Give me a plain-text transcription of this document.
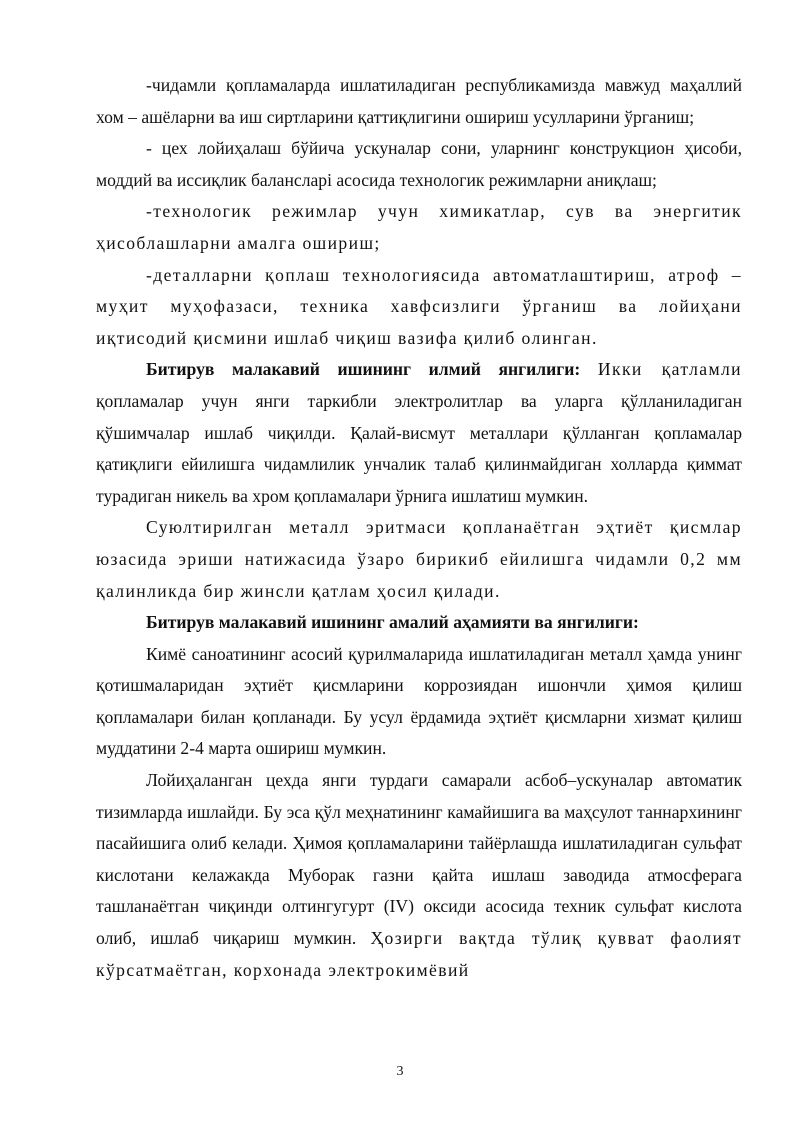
-чидамли қопламаларда ишлатиладиган республикамизда мавжуд маҳаллий хом – ашёларни ва иш сиртларини қаттиқлигини ошириш усулларини ўрганиш;

- цех лойиҳалаш бўйича ускуналар сони, уларнинг конструкцион ҳисоби, моддий ва иссиқлик балансларі асосида технологик режимларни аниқлаш;

-технологик режимлар учун химикатлар, сув ва энергитик ҳисоблашларни амалга ошириш;

-деталларни қоплаш технологиясида автоматлаштириш, атроф – муҳит муҳофазаси, техника хавфсизлиги ўрганиш ва лойиҳани иқтисодий қисмини ишлаб чиқиш вазифа қилиб олинган.

Битирув малакавий ишининг илмий янгилиги: Икки қатламли қопламалар учун янги таркибли электролитлар ва уларга қўлланиладиган қўшимчалар ишлаб чиқилди. Қалай-висмут металлари қўлланган қопламалар қатиқлиги ейилишга чидамлилик унчалик талаб қилинмайдиган холларда қиммат турадиган никель ва хром қопламалари ўрнига ишлатиш мумкин.

Суюлтирилган металл эритмаси қопланаётган эҳтиёт қисмлар юзасида эриши натижасида ўзаро бирикиб ейилишга чидамли 0,2 мм қалинликда бир жинсли қатлам ҳосил қилади.

Битирув малакавий ишининг амалий аҳамияти ва янгилиги:

Кимё саноатининг асосий қурилмаларида ишлатиладиган металл ҳамда унинг қотишмаларидан эҳтиёт қисмларини коррозиядан ишончли ҳимоя қилиш қопламалари билан қопланади. Бу усул ёрдамида эҳтиёт қисмларни хизмат қилиш муддатини 2-4 марта ошириш мумкин.

Лойиҳаланган цехда янги турдаги самарали асбоб–ускуналар автоматик тизимларда ишлайди. Бу эса қўл меҳнатининг камайишига ва маҳсулот таннархининг пасайишига олиб келади. Ҳимоя қопламаларини тайёрлашда ишлатиладиган сульфат кислотани келажакда Муборак газни қайта ишлаш заводида атмосферага ташланаётган чиқинди олтингугурт (IV) оксиди асосида техник сульфат кислота олиб, ишлаб чиқариш мумкин. Ҳозирги вақтда тўлиқ қувват фаолият кўрсатмаётган, корхонада электрокимёвий

3
